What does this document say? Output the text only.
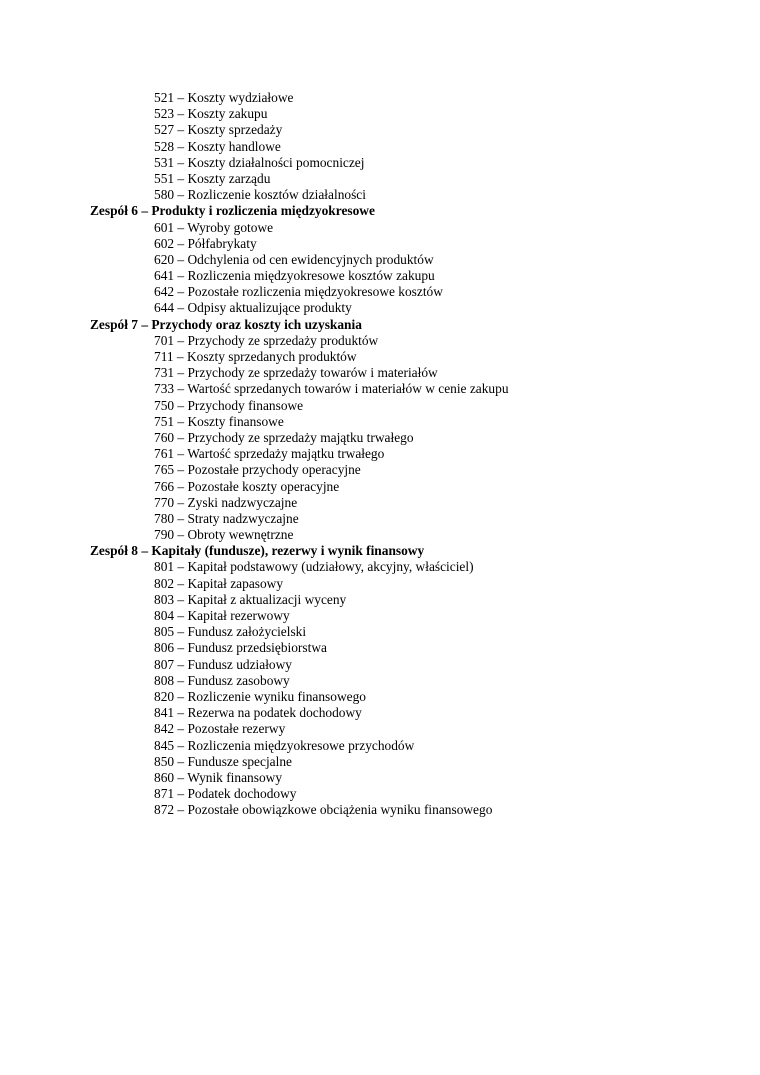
521 – Koszty wydziałowe
523 – Koszty zakupu
527 – Koszty sprzedaży
528 – Koszty handlowe
531 – Koszty działalności pomocniczej
551 – Koszty zarządu
580 – Rozliczenie kosztów działalności
Zespół 6 – Produkty i rozliczenia międzyokresowe
601 – Wyroby gotowe
602 – Półfabrykaty
620 – Odchylenia od cen ewidencyjnych produktów
641 – Rozliczenia międzyokresowe kosztów zakupu
642 – Pozostałe rozliczenia międzyokresowe kosztów
644 – Odpisy aktualizujące produkty
Zespół 7 – Przychody oraz koszty ich uzyskania
701 – Przychody ze sprzedaży produktów
711 – Koszty sprzedanych produktów
731 – Przychody ze sprzedaży towarów i materiałów
733 – Wartość sprzedanych towarów i materiałów w cenie zakupu
750 – Przychody finansowe
751 – Koszty finansowe
760 – Przychody ze sprzedaży majątku trwałego
761 – Wartość sprzedaży majątku trwałego
765 – Pozostałe przychody operacyjne
766 – Pozostałe koszty operacyjne
770 – Zyski nadzwyczajne
780 – Straty nadzwyczajne
790 – Obroty wewnętrzne
Zespół 8 – Kapitały (fundusze), rezerwy i wynik finansowy
801 – Kapitał podstawowy (udziałowy, akcyjny, właściciel)
802 – Kapitał zapasowy
803 – Kapitał z aktualizacji wyceny
804 – Kapitał rezerwowy
805 – Fundusz założycielski
806 – Fundusz przedsiębiorstwa
807 – Fundusz udziałowy
808 – Fundusz zasobowy
820 – Rozliczenie wyniku finansowego
841 – Rezerwa na podatek dochodowy
842 – Pozostałe rezerwy
845 – Rozliczenia międzyokresowe przychodów
850 – Fundusze specjalne
860 – Wynik finansowy
871 – Podatek dochodowy
872 – Pozostałe obowiązkowe obciążenia wyniku finansowego
